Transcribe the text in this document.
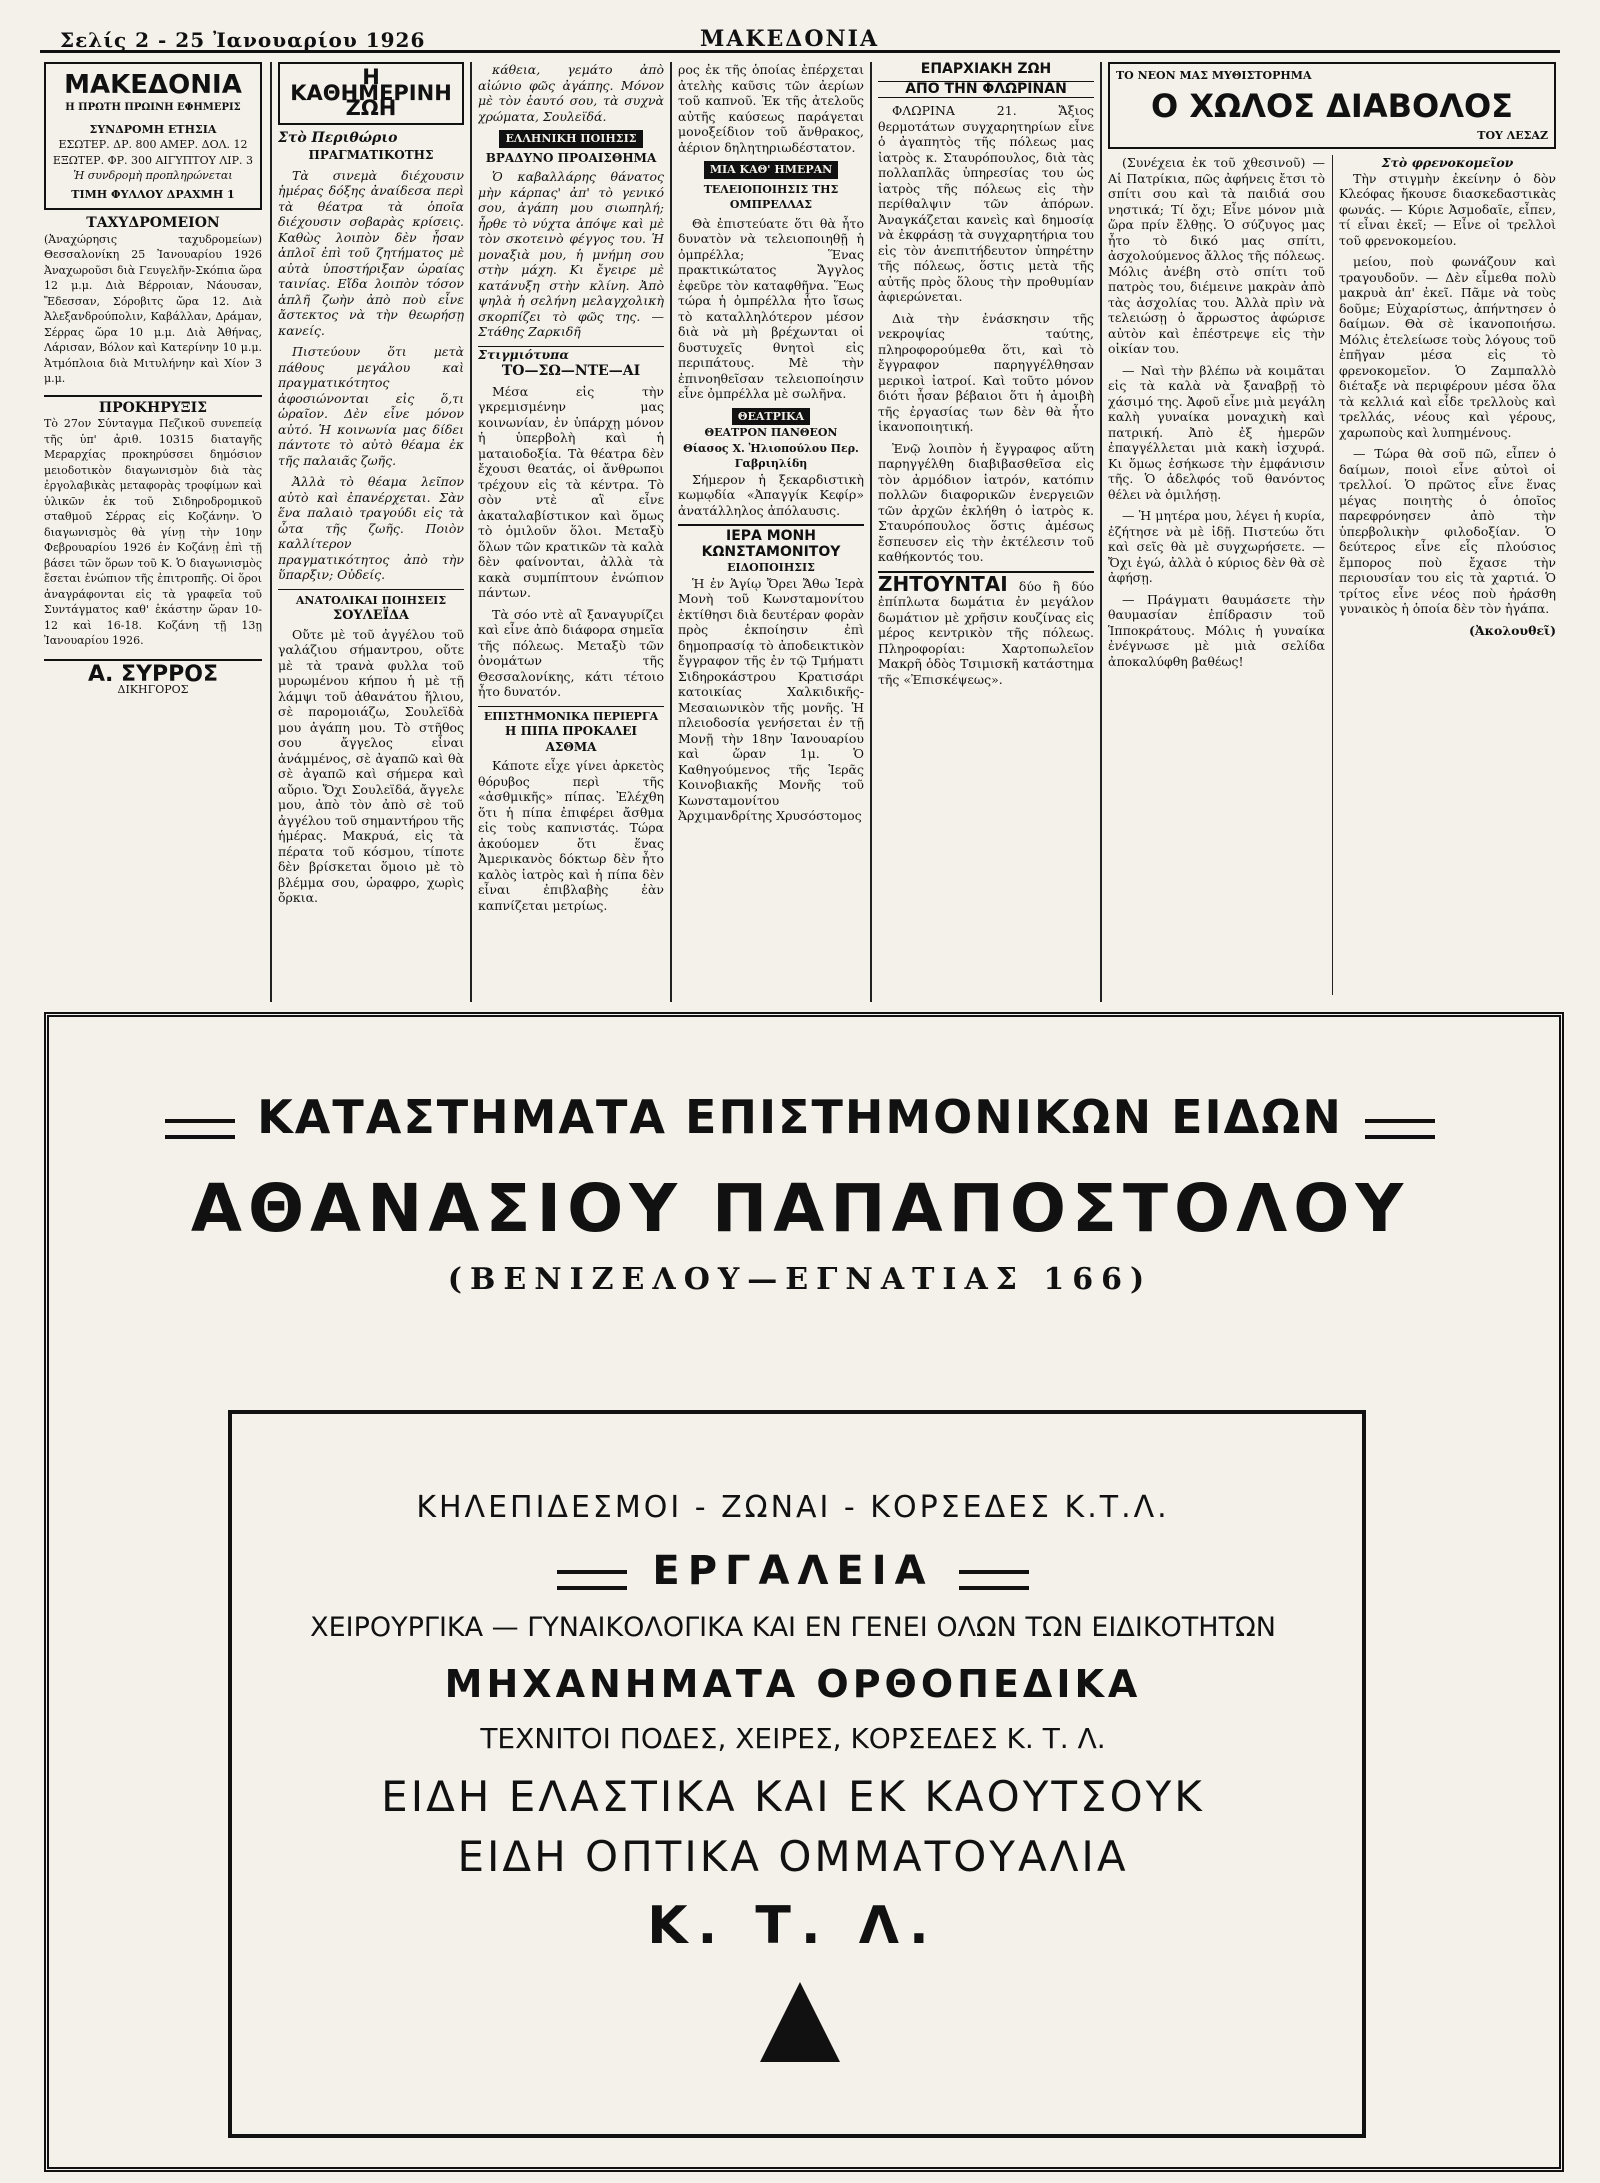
Σελίς 2 - 25 Ἰανουαρίου 1926	ΜΑΚΕΔΟΝΙΑ
ΜΑΚΕΔΟΝΙΑ
Η ΠΡΩΤΗ ΠΡΩΙΝΗ ΕΦΗΜΕΡΙΣ
ΣΥΝΔΡΟΜΗ ΕΤΗΣΙΑ
ΕΣΩΤΕΡ. ΔΡ. 800 ΑΜΕΡ. ΔΟΛ. 12
ΕΞΩΤΕΡ. ΦΡ. 300 ΑΙΓΥΠΤΟΥ ΛΙΡ. 3
Ἡ συνδρομὴ προπληρώνεται
ΤΙΜΗ ΦΥΛΛΟΥ ΔΡΑΧΜΗ 1
ΤΑΧΥΔΡΟΜΕΙΟΝ
(Ἀναχώρησις ταχυδρομείων) Θεσσαλονίκη 25 Ἰανουαρίου 1926 Ἀναχωροῦσι διὰ Γευγελῆν-Σκόπια ὥρα 12 μ.μ. Διὰ Βέρροιαν, Νάουσαν, Ἔδεσσαν, Σόροβιτς ὥρα 12. Διὰ Ἀλεξανδρούπολιν, Καβάλλαν, Δράμαν, Σέρρας ὥρα 10 μ.μ. Διὰ Ἀθήνας, Λάρισαν, Βόλον καὶ Κατερίνην 10 μ.μ. Ἀτμόπλοια διὰ Μιτυλήνην καὶ Χίον 3 μ.μ.
ΠΡΟΚΗΡΥΞΙΣ
Τὸ 27ον Σύνταγμα Πεζικοῦ συνεπείᾳ τῆς ὑπ' ἀριθ. 10315 διαταγῆς Μεραρχίας προκηρύσσει δημόσιον μειοδοτικὸν διαγωνισμὸν διὰ τὰς ἐργολαβικὰς μεταφορὰς τροφίμων καὶ ὑλικῶν ἐκ τοῦ Σιδηροδρομικοῦ σταθμοῦ Σέρρας εἰς Κοζάνην. Ὁ διαγωνισμὸς θὰ γίνῃ τὴν 10ην Φεβρουαρίου 1926 ἐν Κοζάνῃ ἐπὶ τῇ βάσει τῶν ὅρων τοῦ Κ. Ὁ διαγωνισμὸς ἔσεται ἐνώπιον τῆς ἐπιτροπῆς. Οἱ ὅροι ἀναγράφονται εἰς τὰ γραφεῖα τοῦ Συντάγματος καθ' ἑκάστην ὥραν 10-12 καὶ 16-18. Κοζάνη τῇ 13ῃ Ἰανουαρίου 1926.
Α. ΣΥΡΡΟΣ
ΔΙΚΗΓΟΡΟΣ
Η ΚΑΘΗΜΕΡΙΝΗ ΖΩΗ
Στὸ Περιθώριο
ΠΡΑΓΜΑΤΙΚΟΤΗΣ

Τὰ σινεμὰ διέχουσιν ἡμέρας δόξης ἀναίδεσα περὶ τὰ θέατρα τὰ ὁποῖα διέχουσιν σοβαρὰς κρίσεις. Καθὼς λοιπὸν δὲν ἦσαν ἁπλοῖ ἐπὶ τοῦ ζητήματος μὲ αὐτὰ ὑποστήριξαν ὡραίας ταινίας. Εἴδα λοιπὸν τόσον ἁπλῆ ζωὴν ἀπὸ ποὺ εἶνε ἄστεκτος νὰ τὴν θεωρήσῃ κανείς.

Πιστεύουν ὅτι μετὰ πάθους μεγάλου καὶ πραγματικότητος ἀφοσιώνονται εἰς ὅ,τι ὡραῖον. Δὲν εἶνε μόνον αὐτό. Ἡ κοινωνία μας δίδει πάντοτε τὸ αὐτὸ θέαμα ἐκ τῆς παλαιᾶς ζωῆς.

Ἀλλὰ τὸ θέαμα λεῖπον αὐτὸ καὶ ἐπανέρχεται. Σὰν ἕνα παλαιὸ τραγούδι εἰς τὰ ὦτα τῆς ζωῆς. Ποιὸν καλλίτερον πραγματικότητος ἀπὸ τὴν ὕπαρξιν; Οὐδείς.

ΑΝΑΤΟΛΙΚΑΙ ΠΟΙΗΣΕΙΣ
ΣΟΥΛΕΪΔΑ

Οὔτε μὲ τοῦ ἀγγέλου τοῦ γαλάζιου σήμαντρου, οὔτε μὲ τὰ τρανὰ φυλλα τοῦ μυρωμένου κήπου ἡ μὲ τῇ λάμψι τοῦ ἀθανάτου ἥλιου, σὲ παρομοιάζω, Σουλεϊδὰ μου ἀγάπη μου. Τὸ στῆθος σου ἄγγελος εἶναι ἀνάμμένος, σὲ ἀγαπῶ καὶ θὰ σὲ ἀγαπῶ καὶ σήμερα καὶ αὔριο. Ὄχι Σουλεϊδά, ἄγγελε μου, ἀπὸ τὸν ἀπὸ σὲ τοῦ ἀγγέλου τοῦ σημαντήρου τῆς ἡμέρας. Μακρυά, εἰς τὰ πέρατα τοῦ κόσμου, τίποτε δὲν βρίσκεται ὅμοιο μὲ τὸ βλέμμα σου, ὡραφρο, χωρὶς ὄρκια.

κάθεια, γεμάτο ἀπὸ αἰώνιο φῶς ἀγάπης. Μόνον μὲ τὸν ἑαυτό σου, τὰ συχνὰ χρώματα, Σουλεϊδά.

ΕΛΛΗΝΙΚΗ ΠΟΙΗΣΙΣ
ΒΡΑΔΥΝΟ ΠΡΟΑΙΣΘΗΜΑ

Ὁ καβαλλάρης θάνατος μὴν κάρπας' ἀπ' τὸ γενικό σου, ἀγάπη μου σιωπηλή; ἦρθε τὸ νύχτα ἀπόψε καὶ μὲ τὸν σκοτεινὸ φέγγος του. Ἡ μοναξιὰ μου, ἡ μνήμη σου στὴν μάχη. Κι ἔγειρε μὲ κατάνυξη στὴν κλίνη. Ἀπὸ ψηλὰ ἡ σελήνη μελαγχολικὴ σκορπίζει τὸ φῶς της. — Στάθης Ζαρκιδῆ

Στιγμιότυπα
ΤΟ—ΣΩ—ΝΤΕ—ΑΙ

Μέσα εἰς τὴν γκρεμισμένην μας κοινωνίαν, ἐν ὑπάρχῃ μόνον ἡ ὑπερβολὴ καὶ ἡ ματαιοδοξία. Τὰ θέατρα δὲν ἔχουσι θεατάς, οἱ ἄνθρωποι τρέχουν εἰς τὰ κέντρα. Τὸ σὸν ντὲ αἳ εἶνε ἀκαταλαβίστικον καὶ ὅμως τὸ ὁμιλοῦν ὅλοι. Μεταξὺ ὅλων τῶν κρατικῶν τὰ καλὰ δὲν φαίνονται, ἀλλὰ τὰ κακὰ συμπίπτουν ἐνώπιον πάντων.

Τὰ σόο ντὲ αἳ ξαναγυρίζει καὶ εἶνε ἀπὸ διάφορα σημεῖα τῆς πόλεως. Μεταξὺ τῶν ὀνομάτων τῆς Θεσσαλονίκης, κάτι τέτοιο ἦτο δυνατόν.

ΕΠΙΣΤΗΜΟΝΙΚΑ ΠΕΡΙΕΡΓΑ
Η ΠΙΠΑ ΠΡΟΚΑΛΕΙ ΑΣΘΜΑ

Κάποτε εἶχε γίνει ἀρκετὸς θόρυβος περὶ τῆς «ἀσθμικῆς» πίπας. Ἐλέχθη ὅτι ἡ πίπα ἐπιφέρει ἄσθμα εἰς τοὺς καπνιστάς. Τώρα ἀκούομεν ὅτι ἕνας Ἀμερικανὸς δόκτωρ δὲν ἦτο καλὸς ἰατρὸς καὶ ἡ πίπα δὲν εἶναι ἐπιβλαβὴς ἐὰν καπνίζεται μετρίως.

ρος ἐκ τῆς ὁποίας ἐπέρχεται ἀτελὴς καῦσις τῶν ἀερίων τοῦ καπνοῦ. Ἐκ τῆς ἀτελοῦς αὐτῆς καύσεως παράγεται μονοξείδιον τοῦ ἄνθρακος, ἀέριον δηλητηριωδέστατον.

ΜΙΑ ΚΑΘ' ΗΜΕΡΑΝ
ΤΕΛΕΙΟΠΟΙΗΣΙΣ ΤΗΣ ΟΜΠΡΕΛΛΑΣ

Θὰ ἐπιστεύατε ὅτι θὰ ἦτο δυνατὸν νὰ τελειοποιηθῇ ἡ ὀμπρέλλα; Ἕνας πρακτικώτατος Ἄγγλος ἐφεῦρε τὸν καταφθῆνα. Ἕως τώρα ἡ ὀμπρέλλα ἦτο ἴσως τὸ καταλληλότερον μέσον διὰ νὰ μὴ βρέχωνται οἱ δυστυχεῖς θνητοὶ εἰς περιπάτους. Μὲ τὴν ἐπινοηθεῖσαν τελειοποίησιν εἶνε ὀμπρέλλα μὲ σωλῆνα.

ΘΕΑΤΡΙΚΑ
ΘΕΑΤΡΟΝ ΠΑΝΘΕΟΝ
Θίασος Χ. Ἠλιοπούλου Περ. Γαβριηλίδη

Σήμερον ἡ ξεκαρδιστικὴ κωμῳδία «Ἀπαγγίκ Κεφίρ» ἀνατάλληλος ἀπόλαυσις.

ΙΕΡΑ ΜΟΝΗ ΚΩΝΣΤΑΜΟΝΙΤΟΥ
ΕΙΔΟΠΟΙΗΣΙΣ

Ἡ ἐν Ἁγίῳ Ὄρει Ἄθω Ἱερὰ Μονὴ τοῦ Κωνσταμονίτου ἐκτίθησι διὰ δευτέραν φορὰν πρὸς ἐκποίησιν ἐπὶ δημοπρασίᾳ τὸ ἀποδεικτικὸν ἔγγραφον τῆς ἐν τῷ Τμήματι Σιδηροκάστρου Κρατισάρι κατοικίας Χαλκιδικῆς-Μεσαιωνικὸν τῆς μονῆς. Ἡ πλειοδοσία γενήσεται ἐν τῇ Μονῇ τὴν 18ην Ἰανουαρίου καὶ ὥραν 1μ. Ὁ Καθηγούμενος τῆς Ἱερᾶς Κοινοβιακῆς Μονῆς τοῦ Κωνσταμονίτου Ἀρχιμανδρίτης Χρυσόστομος

ΕΠΑΡΧΙΑΚΗ ΖΩΗ
ΑΠΟ ΤΗΝ ΦΛΩΡΙΝΑΝ

ΦΛΩΡΙΝΑ 21. Ἄξιος θερμοτάτων συγχαρητηρίων εἶνε ὁ ἀγαπητὸς τῆς πόλεως μας ἰατρὸς κ. Σταυρόπουλος, διὰ τὰς πολλαπλᾶς ὑπηρεσίας του ὡς ἰατρὸς τῆς πόλεως εἰς τὴν περίθαλψιν τῶν ἀπόρων. Ἀναγκάζεται κανεὶς καὶ δημοσίᾳ νὰ ἐκφράσῃ τὰ συγχαρητήρια του εἰς τὸν ἀνεπιτήδευτον ὑπηρέτην τῆς πόλεως, ὅστις μετὰ τῆς αὐτῆς πρὸς ὅλους τὴν προθυμίαν ἀφιερώνεται.

Διὰ τὴν ἐνάσκησιν τῆς νεκροψίας ταύτης, πληροφορούμεθα ὅτι, καὶ τὸ ἔγγραφον παρηγγέλθησαν μερικοὶ ἰατροί. Καὶ τοῦτο μόνον διότι ἦσαν βέβαιοι ὅτι ἡ ἁμοιβὴ τῆς ἐργασίας των δὲν θὰ ἦτο ἱκανοποιητική.

Ἐνῷ λοιπὸν ἡ ἔγγραφος αὕτη παρηγγέλθη διαβιβασθεῖσα εἰς τὸν ἀρμόδιον ἰατρόν, κατόπιν πολλῶν διαφορικῶν ἐνεργειῶν τῶν ἀρχῶν ἐκλήθη ὁ ἰατρὸς κ. Σταυρόπουλος ὅστις ἀμέσως ἔσπευσεν εἰς τὴν ἐκτέλεσιν τοῦ καθήκοντός του.

ΖΗΤΟΥΝΤΑΙ δύο ἢ δύο ἐπίπλωτα δωμάτια ἐν μεγάλον δωμάτιον μὲ χρῆσιν κουζίνας εἰς μέρος κεντρικὸν τῆς πόλεως. Πληροφορίαι: Χαρτοπωλεῖον Μακρῆ ὁδὸς Τσιμισκῆ κατάστημα τῆς «Ἐπισκέψεως».
ΤΟ ΝΕΟΝ ΜΑΣ ΜΥΘΙΣΤΟΡΗΜΑ
Ο ΧΩΛΟΣ ΔΙΑΒΟΛΟΣ
ΤΟΥ ΛΕΣΑΖ

(Συνέχεια ἐκ τοῦ χθεσινοῦ) — Αἱ Πατρίκια, πῶς ἀφήνεις ἔτσι τὸ σπίτι σου καὶ τὰ παιδιά σου νηστικά; Τί ὄχι; Εἶνε μόνον μιὰ ὥρα πρίν ἔλθῃς. Ὁ σύζυγος μας ἦτο τὸ δικό μας σπίτι, ἀσχολούμενος ἄλλος τῆς πόλεως. Μόλις ἀνέβη στὸ σπίτι τοῦ πατρὸς του, διέμεινε μακρὰν ἀπὸ τὰς ἀσχολίας του. Ἀλλὰ πρὶν νὰ τελειώσῃ ὁ ἄρρωστος ἀφώρισε αὐτὸν καὶ ἐπέστρεψε εἰς τὴν οἰκίαν του.

— Ναὶ τὴν βλέπω νὰ κοιμᾶται εἰς τὰ καλὰ νὰ ξαναβρῇ τὸ χάσιμό της. Ἀφοῦ εἶνε μιὰ μεγάλη καλὴ γυναίκα μοναχικὴ καὶ πατρική. Ἀπὸ ἐξ ἡμερῶν ἐπαγγέλλεται μιὰ κακὴ ἰσχυρά. Κι ὅμως ἐσήκωσε τὴν ἐμφάνισιν τῆς. Ὁ ἀδελφός τοῦ θανόντος θέλει νὰ ὁμιλήσῃ.

— Ἡ μητέρα μου, λέγει ἡ κυρία, ἐζήτησε νὰ μὲ ἰδῇ. Πιστεύω ὅτι καὶ σεῖς θὰ μὲ συγχωρήσετε. — Ὄχι ἐγώ, ἀλλὰ ὁ κύριος δὲν θὰ σὲ ἀφήσῃ.

— Πράγματι θαυμάσετε τὴν θαυμασίαν ἐπίδρασιν τοῦ Ἱπποκράτους. Μόλις ἡ γυναίκα ἐνέγνωσε μὲ μιὰ σελίδα ἀποκαλύφθη βαθέως!

Στὸ φρενοκομεῖον

Τὴν στιγμὴν ἐκείνην ὁ δὸν Κλεόφας ἤκουσε διασκεδαστικὰς φωνάς. — Κύριε Ἀσμοδαῖε, εἶπεν, τί εἶναι ἐκεῖ; — Εἶνε οἱ τρελλοὶ τοῦ φρενοκομείου.

μείου, ποὺ φωνάζουν καὶ τραγουδοῦν. — Δὲν εἶμεθα πολὺ μακρυὰ ἀπ' ἐκεῖ. Πᾶμε νὰ τοὺς δοῦμε; Εὐχαρίστως, ἀπήντησεν ὁ δαίμων. Θὰ σὲ ἱκανοποιήσω. Μόλις ἐτελείωσε τοὺς λόγους τοῦ ἐπῆγαν μέσα εἰς τὸ φρενοκομεῖον. Ὁ Ζαμπαλλὸ διέταξε νὰ περιφέρουν μέσα ὅλα τὰ κελλιά καὶ εἶδε τρελλοὺς καὶ τρελλάς, νέους καὶ γέρους, χαρωποὺς καὶ λυπημένους.

— Τώρα θὰ σοῦ πῶ, εἶπεν ὁ δαίμων, ποιοὶ εἶνε αὐτοὶ οἱ τρελλοί. Ὁ πρῶτος εἶνε ἕνας μέγας ποιητὴς ὁ ὁποῖος παρεφρόνησεν ἀπὸ τὴν ὑπερβολικὴν φιλοδοξίαν. Ὁ δεύτερος εἶνε εἷς πλούσιος ἔμπορος ποὺ ἔχασε τὴν περιουσίαν του εἰς τὰ χαρτιά. Ὁ τρίτος εἶνε νέος ποὺ ἠράσθη γυναικὸς ἡ ὁποία δὲν τὸν ἠγάπα.

(Ἀκολουθεῖ)
ΚΑΤΑΣΤΗΜΑΤΑ ΕΠΙΣΤΗΜΟΝΙΚΩΝ ΕΙΔΩΝ
ΑΘΑΝΑΣΙΟΥ ΠΑΠΑΠΟΣΤΟΛΟΥ
(ΒΕΝΙΖΕΛΟΥ—ΕΓΝΑΤΙΑΣ 166)
ΚΗΛΕΠΙΔΕΣΜΟΙ - ΖΩΝΑΙ - ΚΟΡΣΕΔΕΣ Κ.Τ.Λ.
ΕΡΓΑΛΕΙΑ
ΧΕΙΡΟΥΡΓΙΚΑ — ΓΥΝΑΙΚΟΛΟΓΙΚΑ ΚΑΙ ΕΝ ΓΕΝΕΙ ΟΛΩΝ ΤΩΝ ΕΙΔΙΚΟΤΗΤΩΝ
ΜΗΧΑΝΗΜΑΤΑ ΟΡΘΟΠΕΔΙΚΑ
ΤΕΧΝΙΤΟΙ ΠΟΔΕΣ, ΧΕΙΡΕΣ, ΚΟΡΣΕΔΕΣ Κ. Τ. Λ.
ΕΙΔΗ ΕΛΑΣΤΙΚΑ ΚΑΙ ΕΚ ΚΑΟΥΤΣΟΥΚ
ΕΙΔΗ ΟΠΤΙΚΑ ΟΜΜΑΤΟΥΑΛΙΑ
Κ. Τ. Λ.
